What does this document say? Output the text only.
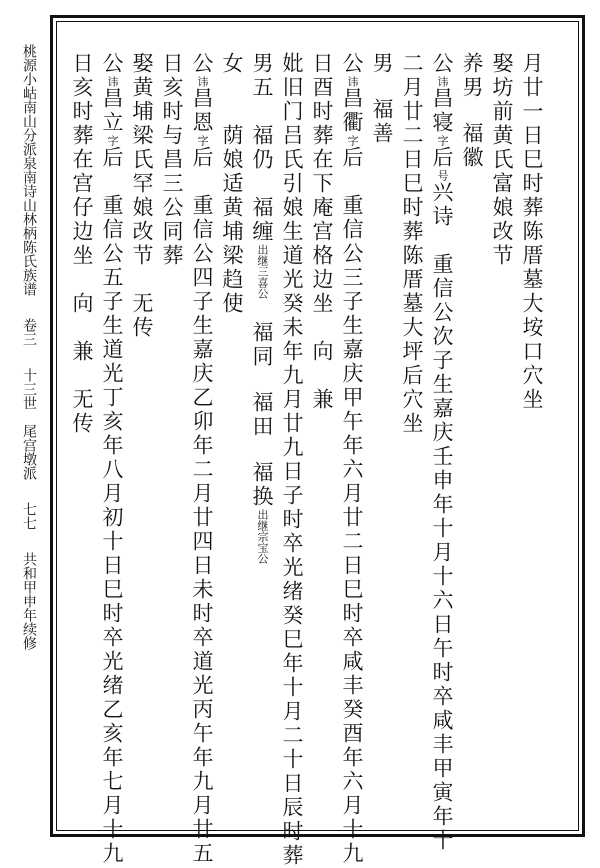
桃源小岵南山分派泉南诗山林柄陈氏族谱卷三十三世　尾宫墩派七七共和甲申年续修
月廿一日巳时葬陈厝墓大垵口穴坐
娶坊前黄氏富娘改节
养男福徽
公讳昌寝字后号兴诗　重信公次子生嘉庆壬申年十月十六日午时卒咸丰甲寅年十
二月廿二日巳时葬陈厝墓大坪后穴坐
男福善
公讳昌衢字后　重信公三子生嘉庆甲午年六月廿二日巳时卒咸丰癸酉年六月十九
日酉时葬在下庵宫格边坐　向　兼
妣旧门吕氏引娘生道光癸未年九月廿九日子时卒光绪癸巳年十月二十日辰时葬
男五　福仍　福缠出继三喜公福同福田福换出继宗宝公
女荫娘适黄埔梁趋使
公讳昌恩字后　重信公四子生嘉庆乙卯年二月廿四日未时卒道光丙午年九月廿五
日亥时与昌三公同葬
娶黄埔梁氏罕娘改节　无传
公讳昌立字后　重信公五子生道光丁亥年八月初十日巳时卒光绪乙亥年七月十九
日亥时葬在宫仔边坐　向　兼　无传
